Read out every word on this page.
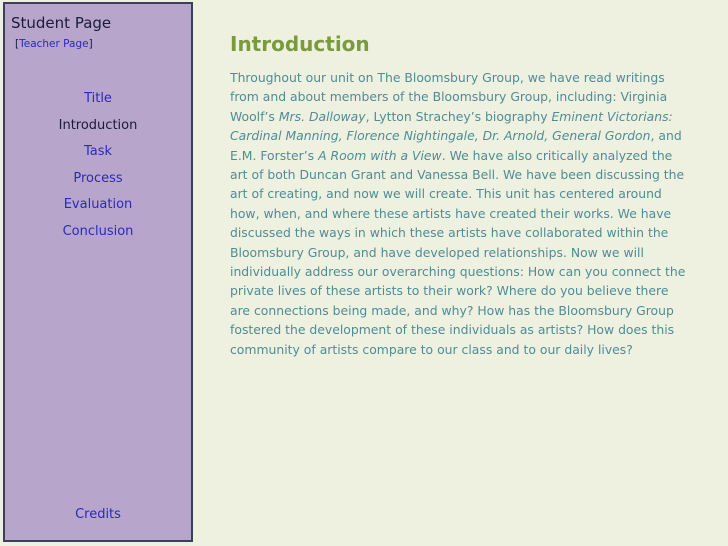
Student Page
[Teacher Page]
Title
Introduction
Task
Process
Evaluation
Conclusion
Credits
Introduction

Throughout our unit on The Bloomsbury Group, we have read writings from and about members of the Bloomsbury Group, including: Virginia Woolf’s Mrs. Dalloway, Lytton Strachey’s biography Eminent Victorians: Cardinal Manning, Florence Nightingale, Dr. Arnold, General Gordon, and E.M. Forster’s A Room with a View. We have also critically analyzed the art of both Duncan Grant and Vanessa Bell. We have been discussing the art of creating, and now we will create. This unit has centered around how, when, and where these artists have created their works. We have discussed the ways in which these artists have collaborated within the Bloomsbury Group, and have developed relationships. Now we will individually address our overarching questions: How can you connect the private lives of these artists to their work? Where do you believe there are connections being made, and why? How has the Bloomsbury Group fostered the development of these individuals as artists? How does this community of artists compare to our class and to our daily lives?
